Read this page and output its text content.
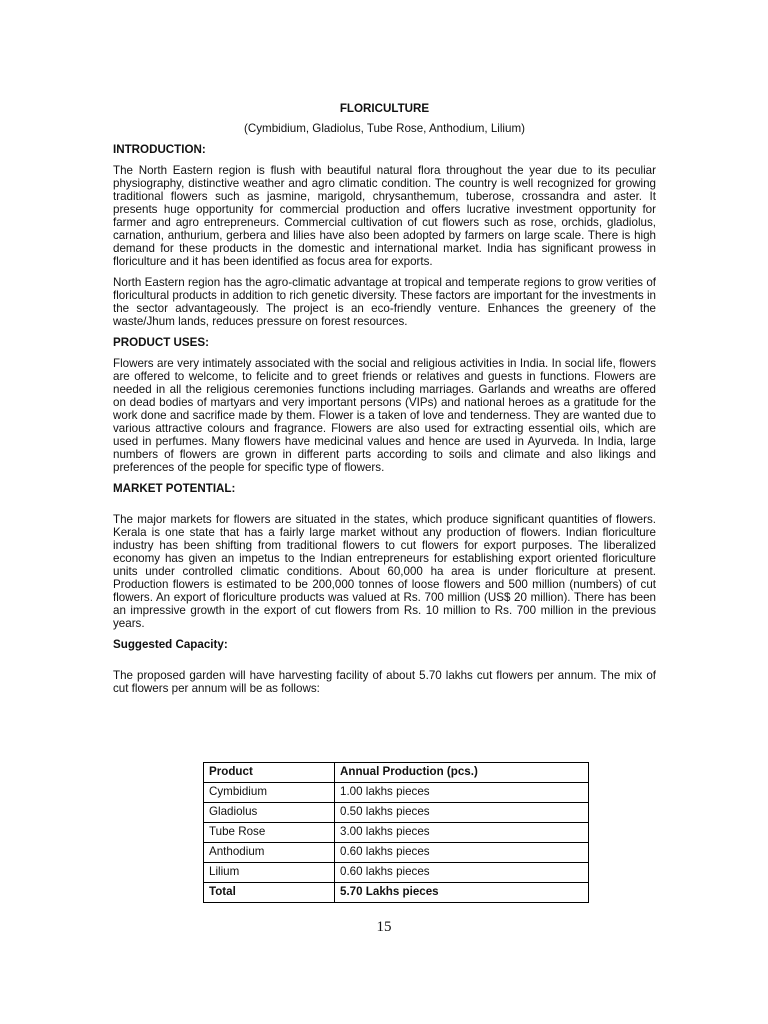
FLORICULTURE
(Cymbidium, Gladiolus, Tube Rose, Anthodium, Lilium)
INTRODUCTION:

The North Eastern region is flush with beautiful natural flora throughout the year due to its peculiar physiography, distinctive weather and agro climatic condition. The country is well recognized for growing traditional flowers such as jasmine, marigold, chrysanthemum, tuberose, crossandra and aster. It presents huge opportunity for commercial production and offers lucrative investment opportunity for farmer and agro entrepreneurs. Commercial cultivation of cut flowers such as rose, orchids, gladiolus, carnation, anthurium, gerbera and lilies have also been adopted by farmers on large scale. There is high demand for these products in the domestic and international market. India has significant prowess in floriculture and it has been identified as focus area for exports.

North Eastern region has the agro-climatic advantage at tropical and temperate regions to grow verities of floricultural products in addition to rich genetic diversity. These factors are important for the investments in the sector advantageously. The project is an eco-friendly venture. Enhances the greenery of the waste/Jhum lands, reduces pressure on forest resources.

PRODUCT USES:

Flowers are very intimately associated with the social and religious activities in India. In social life, flowers are offered to welcome, to felicite and to greet friends or relatives and guests in functions. Flowers are needed in all the religious ceremonies functions including marriages. Garlands and wreaths are offered on dead bodies of martyars and very important persons (VIPs) and national heroes as a gratitude for the work done and sacrifice made by them. Flower is a taken of love and tenderness. They are wanted due to various attractive colours and fragrance. Flowers are also used for extracting essential oils, which are used in perfumes. Many flowers have medicinal values and hence are used in Ayurveda. In India, large numbers of flowers are grown in different parts according to soils and climate and also likings and preferences of the people for specific type of flowers.

MARKET POTENTIAL:

The major markets for flowers are situated in the states, which produce significant quantities of flowers. Kerala is one state that has a fairly large market without any production of flowers. Indian floriculture industry has been shifting from traditional flowers to cut flowers for export purposes. The liberalized economy has given an impetus to the Indian entrepreneurs for establishing export oriented floriculture units under controlled climatic conditions. About 60,000 ha area is under floriculture at present. Production flowers is estimated to be 200,000 tonnes of loose flowers and 500 million (numbers) of cut flowers. An export of floriculture products was valued at Rs. 700 million (US$ 20 million). There has been an impressive growth in the export of cut flowers from Rs. 10 million to Rs. 700 million in the previous years.

Suggested Capacity:

The proposed garden will have harvesting facility of about 5.70 lakhs cut flowers per annum. The mix of cut flowers per annum will be as follows:

Product	Annual Production (pcs.)
Cymbidium	1.00 lakhs pieces
Gladiolus	0.50 lakhs pieces
Tube Rose	3.00 lakhs pieces
Anthodium	0.60 lakhs pieces
Lilium	0.60 lakhs pieces
Total	5.70 Lakhs pieces
15
